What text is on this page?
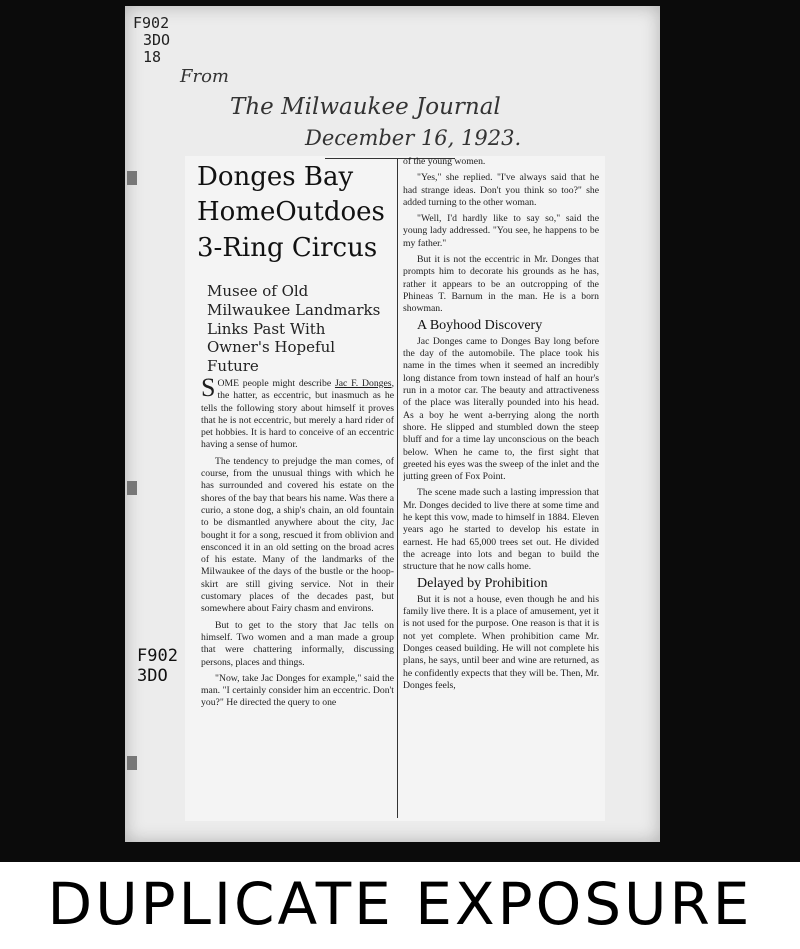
F902
3DO
18
From
The Milwaukee Journal
December 16, 1923.
Donges Bay
HomeOutdoes
3-Ring Circus
Musee of Old Milwaukee Landmarks Links Past With Owner's Hopeful Future

SOME people might describe Jac F. Donges, the hatter, as eccentric, but inasmuch as he tells the following story about himself it proves that he is not eccentric, but merely a hard rider of pet hobbies. It is hard to conceive of an eccentric having a sense of humor.

The tendency to prejudge the man comes, of course, from the unusual things with which he has surrounded and covered his estate on the shores of the bay that bears his name. Was there a curio, a stone dog, a ship's chain, an old fountain to be dismantled anywhere about the city, Jac bought it for a song, rescued it from oblivion and ensconced it in an old setting on the broad acres of his estate. Many of the landmarks of the Milwaukee of the days of the bustle or the hoop-skirt are still giving service. Not in their customary places of the decades past, but somewhere about Fairy chasm and environs.

But to get to the story that Jac tells on himself. Two women and a man made a group that were chattering informally, discussing persons, places and things.

"Now, take Jac Donges for example," said the man. "I certainly consider him an eccentric. Don't you?" He directed the query to one

of the young women.

"Yes," she replied. "I've always said that he had strange ideas. Don't you think so too?" she added turning to the other woman.

"Well, I'd hardly like to say so," said the young lady addressed. "You see, he happens to be my father."

But it is not the eccentric in Mr. Donges that prompts him to decorate his grounds as he has, rather it appears to be an outcropping of the Phineas T. Barnum in the man. He is a born showman.

A Boyhood Discovery

Jac Donges came to Donges Bay long before the day of the automobile. The place took his name in the times when it seemed an incredibly long distance from town instead of half an hour's run in a motor car. The beauty and attractiveness of the place was literally pounded into his head. As a boy he went a-berrying along the north shore. He slipped and stumbled down the steep bluff and for a time lay unconscious on the beach below. When he came to, the first sight that greeted his eyes was the sweep of the inlet and the jutting green of Fox Point.

The scene made such a lasting impression that Mr. Donges decided to live there at some time and he kept this vow, made to himself in 1884. Eleven years ago he started to develop his estate in earnest. He had 65,000 trees set out. He divided the acreage into lots and began to build the structure that he now calls home.

Delayed by Prohibition

But it is not a house, even though he and his family live there. It is a place of amusement, yet it is not used for the purpose. One reason is that it is not yet complete. When prohibition came Mr. Donges ceased building. He will not complete his plans, he says, until beer and wine are returned, as he confidently expects that they will be. Then, Mr. Donges feels,

F902
3DO
DUPLICATE EXPOSURE
